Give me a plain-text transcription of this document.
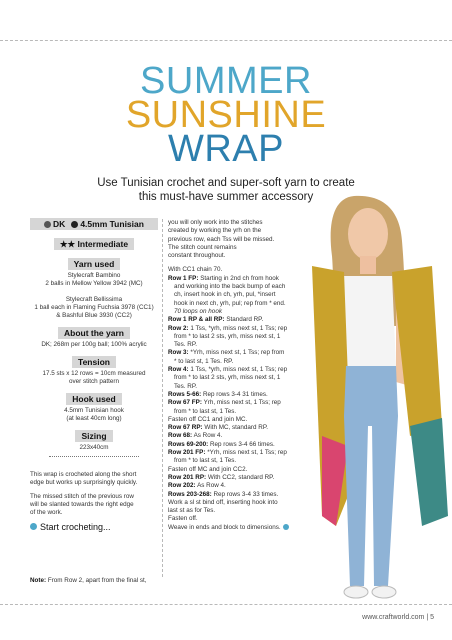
SUMMER
SUNSHINE
WRAP
Use Tunisian crochet and super-soft yarn to create
this must-have summer accessory
DK	4.5mm Tunisian
★★ Intermediate
Yarn used
Stylecraft Bambino
2 balls in Mellow Yellow 3942 (MC)
Stylecraft Bellissima
1 ball each in Flaming Fuchsia 3978 (CC1)
& Bashful Blue 3930 (CC2)
About the yarn
DK; 268m per 100g ball; 100% acrylic
Tension
17.5 sts x 12 rows = 10cm measured
over stitch pattern
Hook used
4.5mm Tunisian hook
(at least 40cm long)
Sizing
223x40cm
This wrap is crocheted along the short
edge but works up surprisingly quickly.
The missed stitch of the previous row
will be slanted towards the right edge
of the work.
Start crocheting...
Note: From Row 2, apart from the final st,

you will only work into the stitches

created by working the yrh on the

previous row, each Tss will be missed.

The stitch count remains

constant throughout.

With CC1 chain 70.

Row 1 FP: Starting in 2nd ch from hook

and working into the back bump of each

ch, insert hook in ch, yrh, pul, *insert

hook in next ch, yrh, pul; rep from * end.

70 loops on hook

Row 1 RP & all RP: Standard RP.

Row 2: 1 Tss, *yrh, miss next st, 1 Tss; rep

from * to last 2 sts, yrh, miss next st, 1

Tes. RP.

Row 3: *Yrh, miss next st, 1 Tss; rep from

* to last st, 1 Tes. RP.

Row 4: 1 Tss, *yrh, miss next st, 1 Tss; rep

from * to last 2 sts, yrh, miss next st, 1

Tes. RP.

Rows 5-66: Rep rows 3-4 31 times.

Row 67 FP: Yrh, miss next st, 1 Tss; rep

from * to last st, 1 Tes.

Fasten off CC1 and join MC.

Row 67 RP: With MC, standard RP.

Row 68: As Row 4.

Rows 69-200: Rep rows 3-4 66 times.

Row 201 FP: *Yrh, miss next st, 1 Tss; rep

from * to last st, 1 Tes.

Fasten off MC and join CC2.

Row 201 RP: With CC2, standard RP.

Row 202: As Row 4.

Rows 203-268: Rep rows 3-4 33 times.

Work a sl st bind off, inserting hook into

last st as for Tes.

Fasten off.

Weave in ends and block to dimensions.

www.craftworld.com | 5
